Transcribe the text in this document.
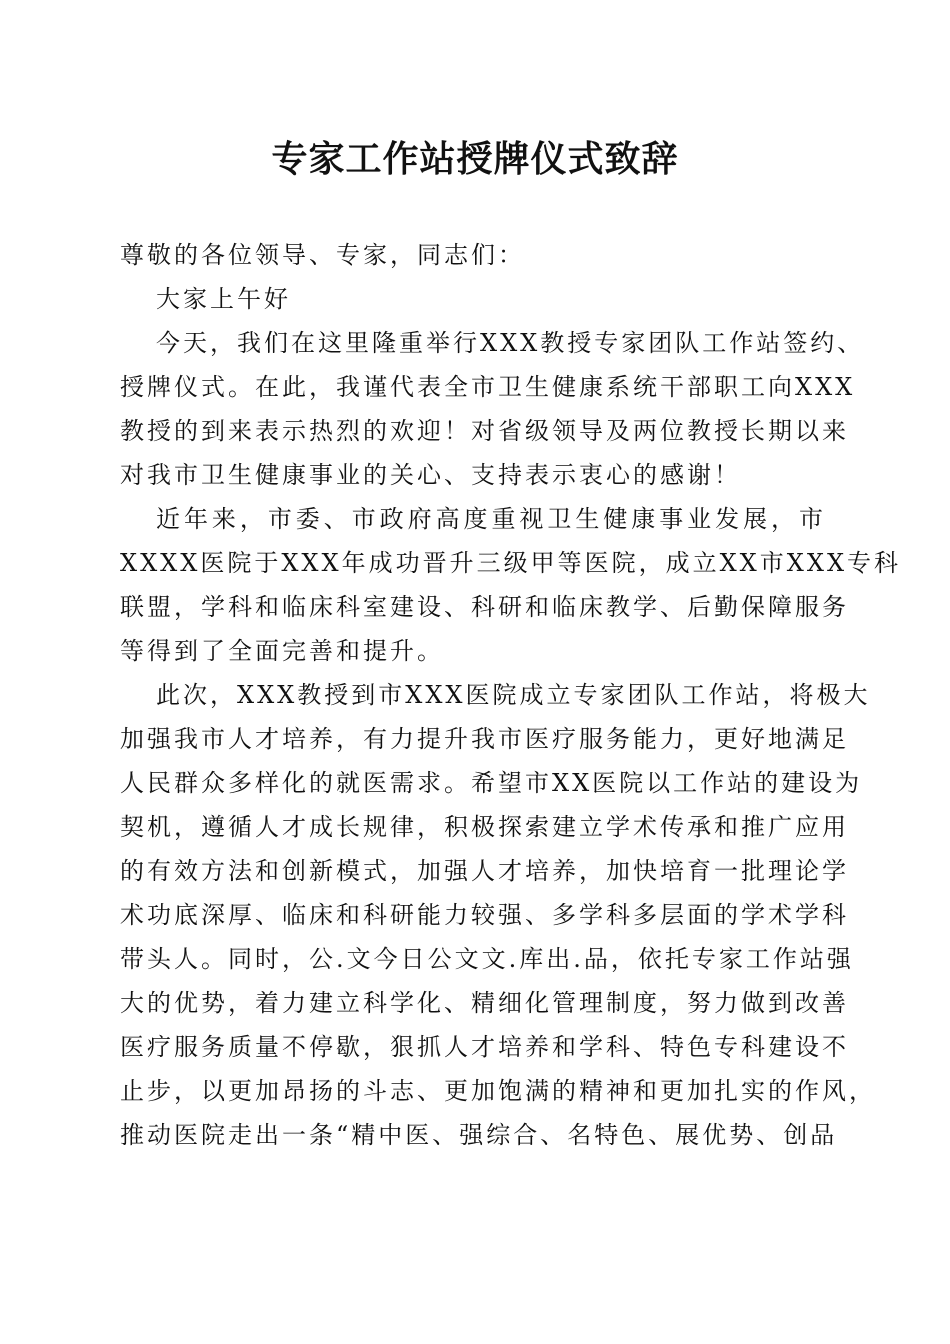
专家工作站授牌仪式致辞
尊敬的各位领导、专家，同志们：
大家上午好
今天，我们在这里隆重举行XXX教授专家团队工作站签约、
授牌仪式。在此，我谨代表全市卫生健康系统干部职工向XXX
教授的到来表示热烈的欢迎！对省级领导及两位教授长期以来
对我市卫生健康事业的关心、支持表示衷心的感谢！
近年来，市委、市政府高度重视卫生健康事业发展，市
XXXX医院于XXX年成功晋升三级甲等医院，成立XX市XXX专科
联盟，学科和临床科室建设、科研和临床教学、后勤保障服务
等得到了全面完善和提升。
此次，XXX教授到市XXX医院成立专家团队工作站，将极大
加强我市人才培养，有力提升我市医疗服务能力，更好地满足
人民群众多样化的就医需求。希望市XX医院以工作站的建设为
契机，遵循人才成长规律，积极探索建立学术传承和推广应用
的有效方法和创新模式，加强人才培养，加快培育一批理论学
术功底深厚、临床和科研能力较强、多学科多层面的学术学科
带头人。同时，公.文今日公文文.库出.品，依托专家工作站强
大的优势，着力建立科学化、精细化管理制度，努力做到改善
医疗服务质量不停歇，狠抓人才培养和学科、特色专科建设不
止步，以更加昂扬的斗志、更加饱满的精神和更加扎实的作风，
推动医院走出一条“精中医、强综合、名特色、展优势、创品
